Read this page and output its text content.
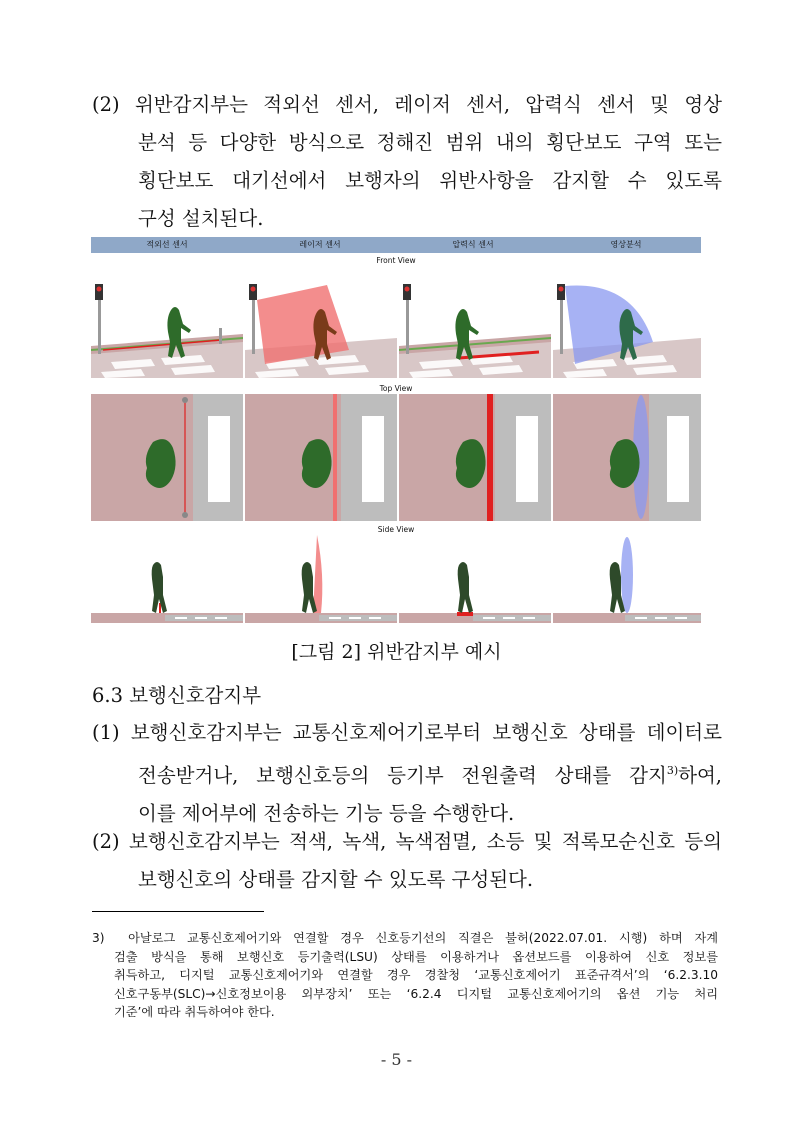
(2) 위반감지부는 적외선 센서, 레이저 센서, 압력식 센서 및 영상
분석 등 다양한 방식으로 정해진 범위 내의 횡단보도 구역 또는
횡단보도 대기선에서 보행자의 위반사항을 감지할 수 있도록
구성 설치된다.
적외선 센서	레이저 센서	압력식 센서	영상분석
Front View
Top View
Side View
[그림 2] 위반감지부 예시
6.3 보행신호감지부
(1) 보행신호감지부는 교통신호제어기로부터 보행신호 상태를 데이터로
전송받거나, 보행신호등의 등기부 전원출력 상태를 감지$^{3)}$하여,
이를 제어부에 전송하는 기능 등을 수행한다.
(2) 보행신호감지부는 적색, 녹색, 녹색점멸, 소등 및 적록모순신호 등의
보행신호의 상태를 감지할 수 있도록 구성된다.
3) 아날로그 교통신호제어기와 연결할 경우 신호등기선의 직결은 불허(2022.07.01. 시행) 하며 자계
검출 방식을 통해 보행신호 등기출력(LSU) 상태를 이용하거나 옵션보드를 이용하여 신호 정보를
취득하고, 디지털 교통신호제어기와 연결할 경우 경찰청 ‘교통신호제어기 표준규격서’의 ‘6.2.3.10
신호구동부(SLC)→신호정보이용 외부장치’ 또는 ‘6.2.4 디지털 교통신호제어기의 옵션 기능 처리
기준’에 따라 취득하여야 한다.
- 5 -
